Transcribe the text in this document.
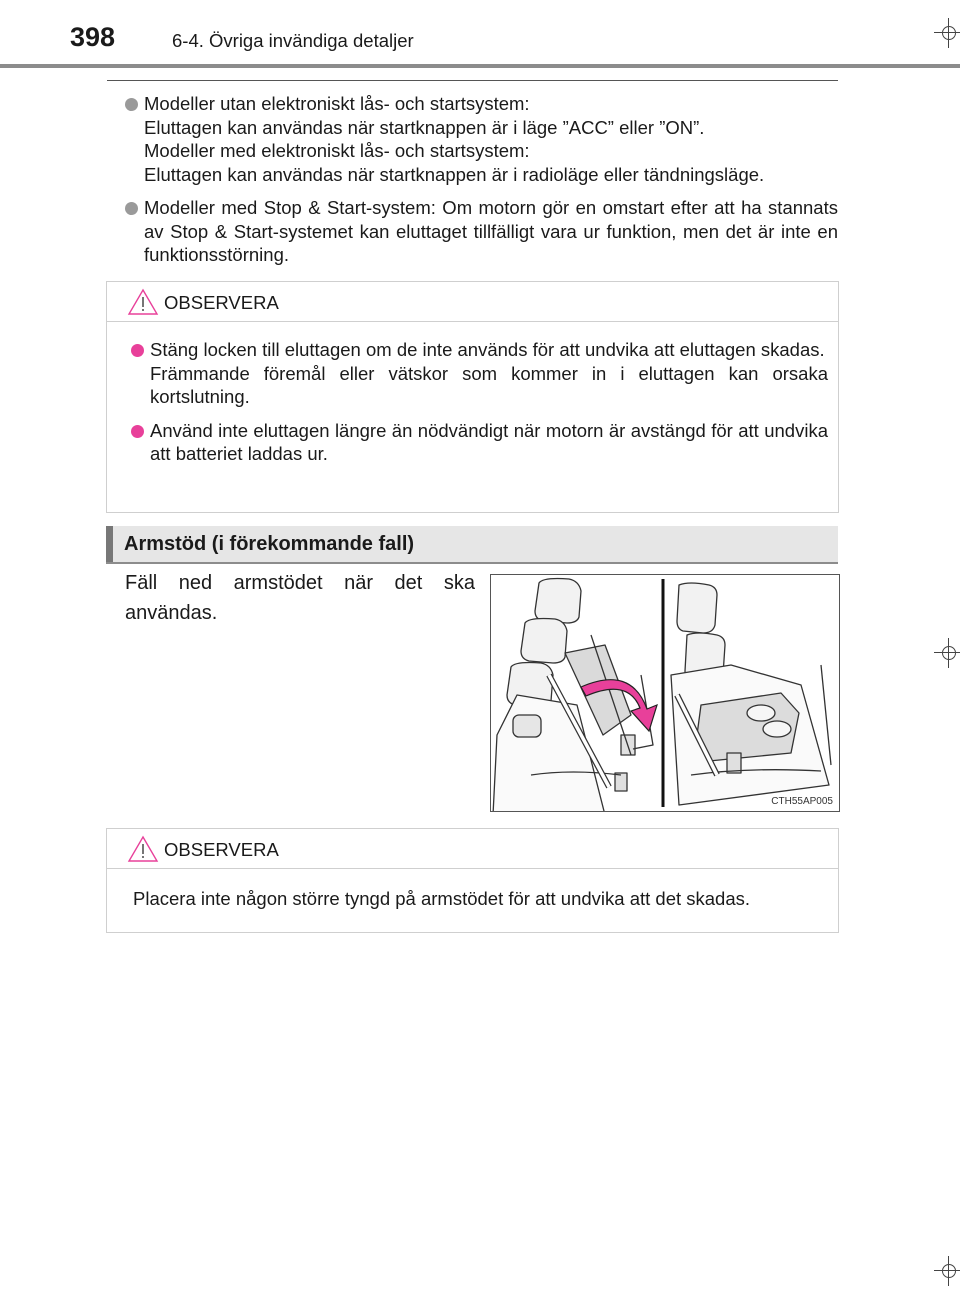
398	6-4. Övriga invändiga detaljer
Modeller utan elektroniskt lås- och startsystem:
Eluttagen kan användas när startknappen är i läge ”ACC” eller ”ON”.
Modeller med elektroniskt lås- och startsystem:
Eluttagen kan användas när startknappen är i radioläge eller tändningsläge.
Modeller med Stop & Start-system: Om motorn gör en omstart efter att ha stannats av Stop & Start-systemet kan eluttaget tillfälligt vara ur funktion, men det är inte en funktionsstörning.
OBSERVERA
Stäng locken till eluttagen om de inte används för att undvika att eluttagen skadas.
Främmande föremål eller vätskor som kommer in i eluttagen kan orsaka kortslutning.
Använd inte eluttagen längre än nödvändigt när motorn är avstängd för att undvika att batteriet laddas ur.
Armstöd (i förekommande fall)
Fäll ned armstödet när det ska användas.
CTH55AP005
OBSERVERA
Placera inte någon större tyngd på armstödet för att undvika att det skadas.
